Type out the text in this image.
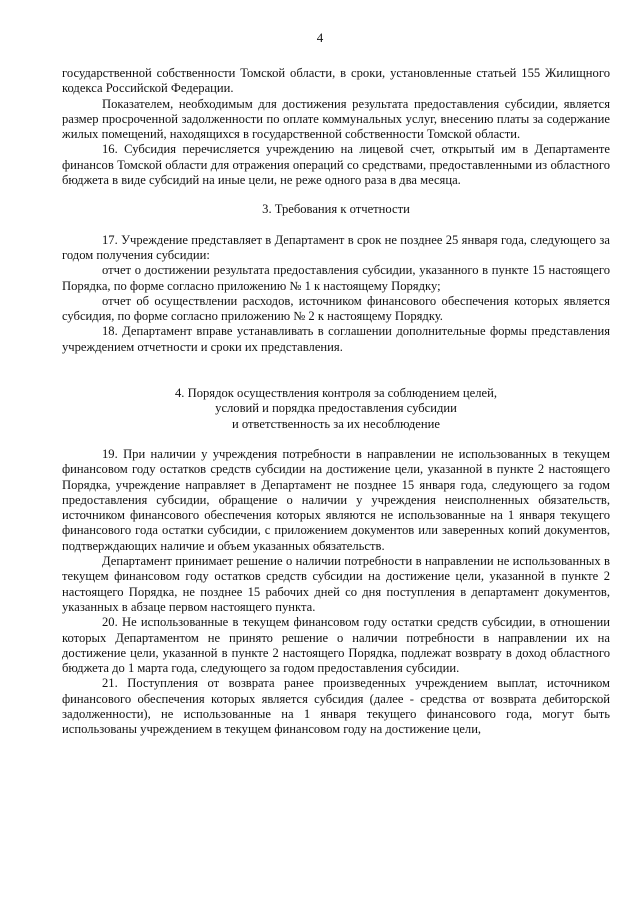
4

государственной собственности Томской области, в сроки, установленные статьей 155 Жилищного кодекса Российской Федерации.

Показателем, необходимым для достижения результата предоставления субсидии, является размер просроченной задолженности по оплате коммунальных услуг, внесению платы за содержание жилых помещений, находящихся в государственной собственности Томской области.

16. Субсидия перечисляется учреждению на лицевой счет, открытый им в Департаменте финансов Томской области для отражения операций со средствами, предоставленными из областного бюджета в виде субсидий на иные цели, не реже одного раза в два месяца.

3. Требования к отчетности

17. Учреждение представляет в Департамент в срок не позднее 25 января года, следующего за годом получения субсидии:

отчет о достижении результата предоставления субсидии, указанного в пункте 15 настоящего Порядка, по форме согласно приложению № 1 к настоящему Порядку;

отчет об осуществлении расходов, источником финансового обеспечения которых является субсидия, по форме согласно приложению № 2 к настоящему Порядку.

18. Департамент вправе устанавливать в соглашении дополнительные формы представления учреждением отчетности и сроки их представления.

4. Порядок осуществления контроля за соблюдением целей,

условий и порядка предоставления субсидии

и ответственность за их несоблюдение

19. При наличии у учреждения потребности в направлении не использованных в текущем финансовом году остатков средств субсидии на достижение цели, указанной в пункте 2 настоящего Порядка, учреждение направляет в Департамент не позднее 15 января года, следующего за годом предоставления субсидии, обращение о наличии у учреждения неисполненных обязательств, источником финансового обеспечения которых являются не использованные на 1 января текущего финансового года остатки субсидии, с приложением документов или заверенных копий документов, подтверждающих наличие и объем указанных обязательств.

Департамент принимает решение о наличии потребности в направлении не использованных в текущем финансовом году остатков средств субсидии на достижение цели, указанной в пункте 2 настоящего Порядка, не позднее 15 рабочих дней со дня поступления в департамент документов, указанных в абзаце первом настоящего пункта.

20. Не использованные в текущем финансовом году остатки средств субсидии, в отношении которых Департаментом не принято решение о наличии потребности в направлении их на достижение цели, указанной в пункте 2 настоящего Порядка, подлежат возврату в доход областного бюджета до 1 марта года, следующего за годом предоставления субсидии.

21. Поступления от возврата ранее произведенных учреждением выплат, источником финансового обеспечения которых является субсидия (далее - средства от возврата дебиторской задолженности), не использованные на 1 января текущего финансового года, могут быть использованы учреждением в текущем финансовом году на достижение цели,
